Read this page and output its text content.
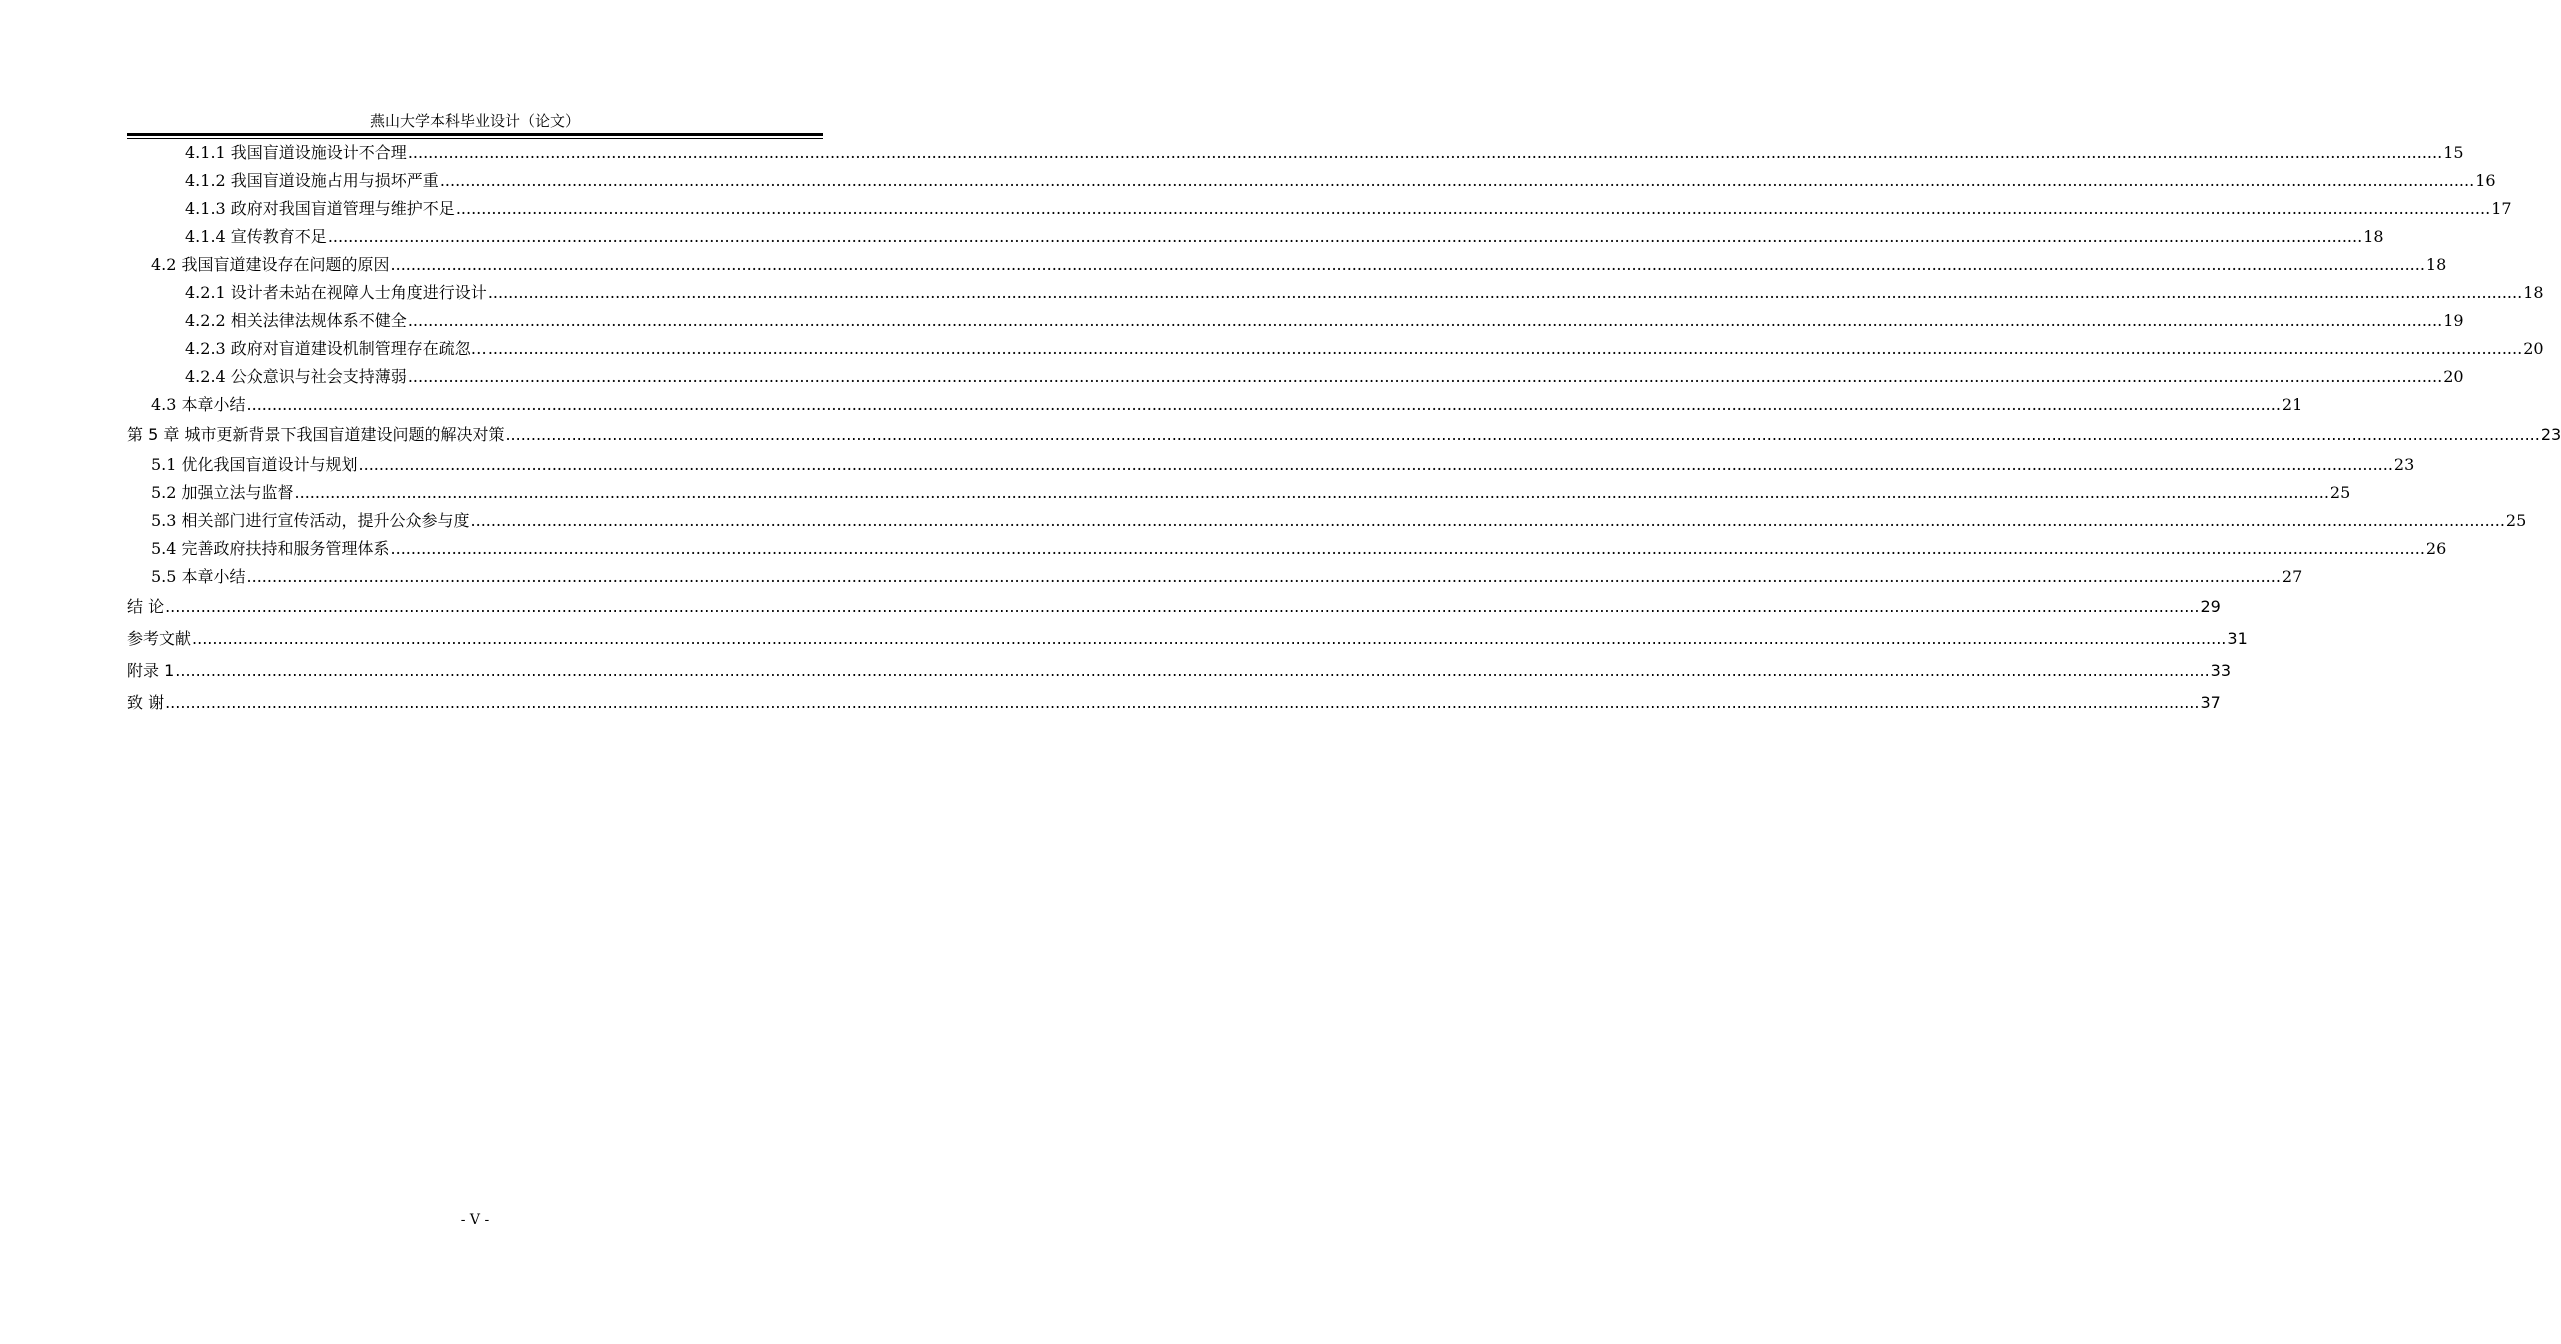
燕山大学本科毕业设计（论文）
4.1.1 我国盲道设施设计不合理 ................................................................................................................................................................................................................................................................................................................................................................................................................ 15
4.1.2 我国盲道设施占用与损坏严重 ................................................................................................................................................................................................................................................................................................................................................................................................................ 16
4.1.3 政府对我国盲道管理与维护不足 ................................................................................................................................................................................................................................................................................................................................................................................................................ 17
4.1.4 宣传教育不足 ................................................................................................................................................................................................................................................................................................................................................................................................................ 18
4.2 我国盲道建设存在问题的原因 ................................................................................................................................................................................................................................................................................................................................................................................................................ 18
4.2.1 设计者未站在视障人士角度进行设计 ................................................................................................................................................................................................................................................................................................................................................................................................................ 18
4.2.2 相关法律法规体系不健全 ................................................................................................................................................................................................................................................................................................................................................................................................................ 19
4.2.3 政府对盲道建设机制管理存在疏忽… ................................................................................................................................................................................................................................................................................................................................................................................................................ 20
4.2.4 公众意识与社会支持薄弱 ................................................................................................................................................................................................................................................................................................................................................................................................................ 20
4.3 本章小结 ................................................................................................................................................................................................................................................................................................................................................................................................................ 21
第 5 章 城市更新背景下我国盲道建设问题的解决对策 ................................................................................................................................................................................................................................................................................................................................................................................................................ 23
5.1 优化我国盲道设计与规划 ................................................................................................................................................................................................................................................................................................................................................................................................................ 23
5.2 加强立法与监督 ................................................................................................................................................................................................................................................................................................................................................................................................................ 25
5.3 相关部门进行宣传活动，提升公众参与度 ................................................................................................................................................................................................................................................................................................................................................................................................................ 25
5.4 完善政府扶持和服务管理体系 ................................................................................................................................................................................................................................................................................................................................................................................................................ 26
5.5 本章小结 ................................................................................................................................................................................................................................................................................................................................................................................................................ 27
结 论 ................................................................................................................................................................................................................................................................................................................................................................................................................ 29
参考文献 ................................................................................................................................................................................................................................................................................................................................................................................................................ 31
附录 1 ................................................................................................................................................................................................................................................................................................................................................................................................................ 33
致 谢 ................................................................................................................................................................................................................................................................................................................................................................................................................ 37
- V -
